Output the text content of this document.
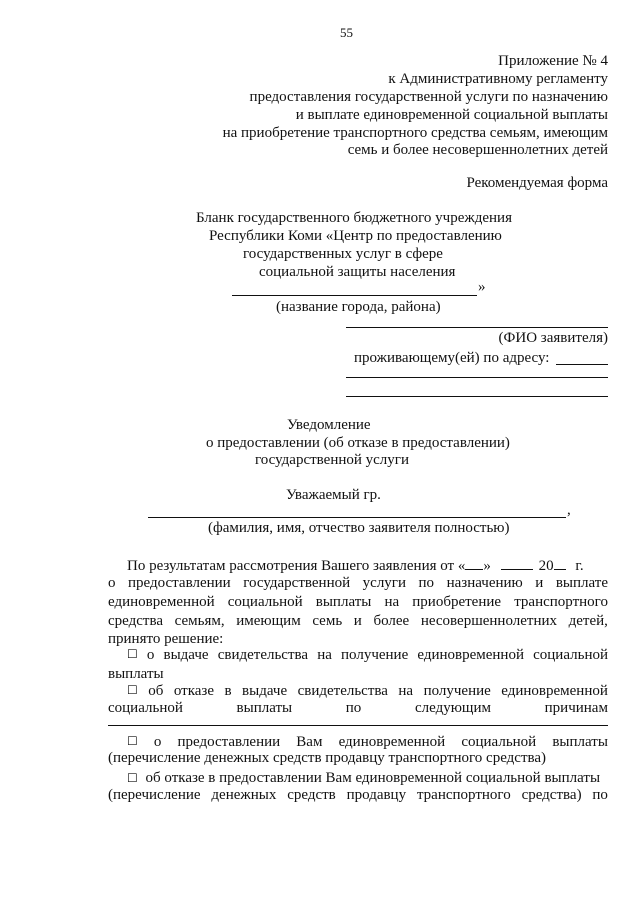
55
Приложение № 4
к Административному регламенту
предоставления государственной услуги по назначению
и выплате единовременной социальной выплаты
на приобретение транспортного средства семьям, имеющим
семь и более несовершеннолетних детей
Рекомендуемая форма
Бланк государственного бюджетного учреждения
Республики Коми «Центр по предоставлению
государственных услуг в сфере
социальной защиты населения
»
(название города, района)
(ФИО заявителя)
проживающему(ей) по адресу:
Уведомление
о предоставлении (об отказе в предоставлении)
государственной услуги
Уважаемый гр.
,
(фамилия, имя, отчество заявителя полностью)
По результатам рассмотрения Вашего заявления от « »	20 г.
о предоставлении государственной услуги по назначению и выплате
единовременной социальной выплаты на приобретение транспортного
средства семьям, имеющим семь и более несовершеннолетних детей,
принято решение:
☐ о выдаче свидетельства на получение единовременной социальной
выплаты
☐ об отказе в выдаче свидетельства на получение единовременной
социальной	выплаты	по	следующим	причинам
☐ о предоставлении Вам единовременной социальной выплаты
(перечисление денежных средств продавцу транспортного средства)
☐ об отказе в предоставлении Вам единовременной социальной выплаты
(перечисление денежных средств продавцу транспортного средства) по
